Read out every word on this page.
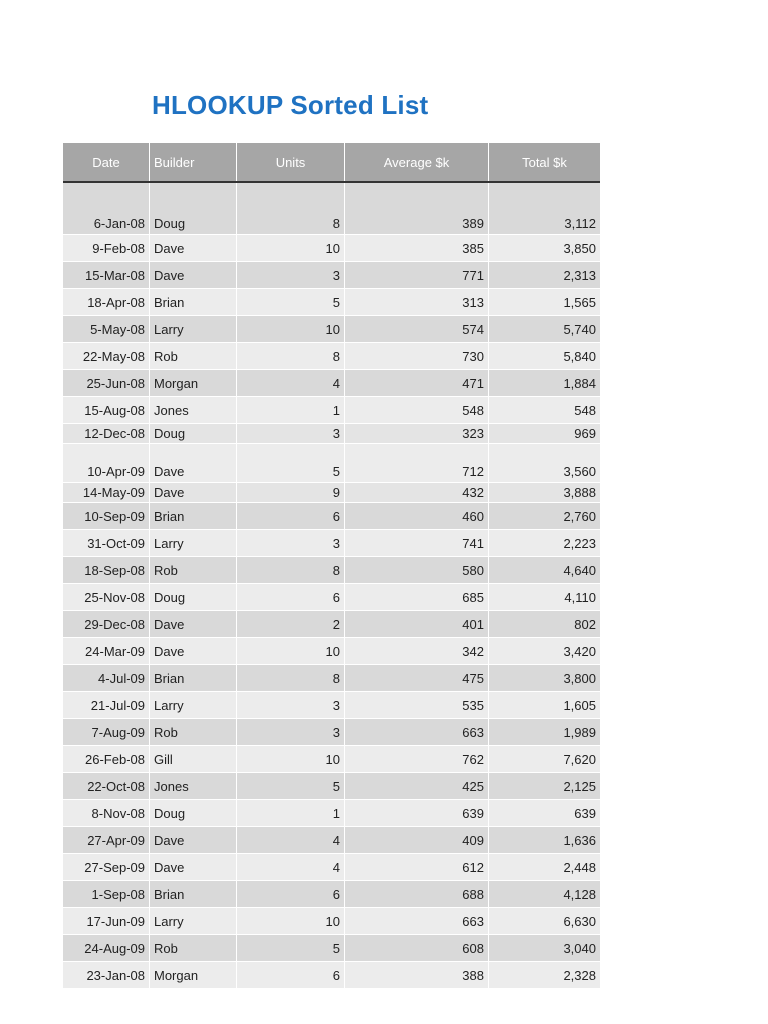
HLOOKUP Sorted List
Date	Builder	Units	Average $k	Total $k
6-Jan-08 Doug	8	389	3,112
9-Feb-08 Dave	10	385	3,850
15-Mar-08 Dave	3	771	2,313
18-Apr-08 Brian	5	313	1,565
5-May-08 Larry	10	574	5,740
22-May-08 Rob	8	730	5,840
25-Jun-08 Morgan	4	471	1,884
15-Aug-08 Jones	1	548	548
12-Dec-08 Doug	3	323	969
10-Apr-09 Dave	5	712	3,560
14-May-09 Dave	9	432	3,888
10-Sep-09 Brian	6	460	2,760
31-Oct-09 Larry	3	741	2,223
18-Sep-08 Rob	8	580	4,640
25-Nov-08 Doug	6	685	4,110
29-Dec-08 Dave	2	401	802
24-Mar-09 Dave	10	342	3,420
4-Jul-09 Brian	8	475	3,800
21-Jul-09 Larry	3	535	1,605
7-Aug-09 Rob	3	663	1,989
26-Feb-08 Gill	10	762	7,620
22-Oct-08 Jones	5	425	2,125
8-Nov-08 Doug	1	639	639
27-Apr-09 Dave	4	409	1,636
27-Sep-09 Dave	4	612	2,448
1-Sep-08 Brian	6	688	4,128
17-Jun-09 Larry	10	663	6,630
24-Aug-09 Rob	5	608	3,040
23-Jan-08 Morgan	6	388	2,328
